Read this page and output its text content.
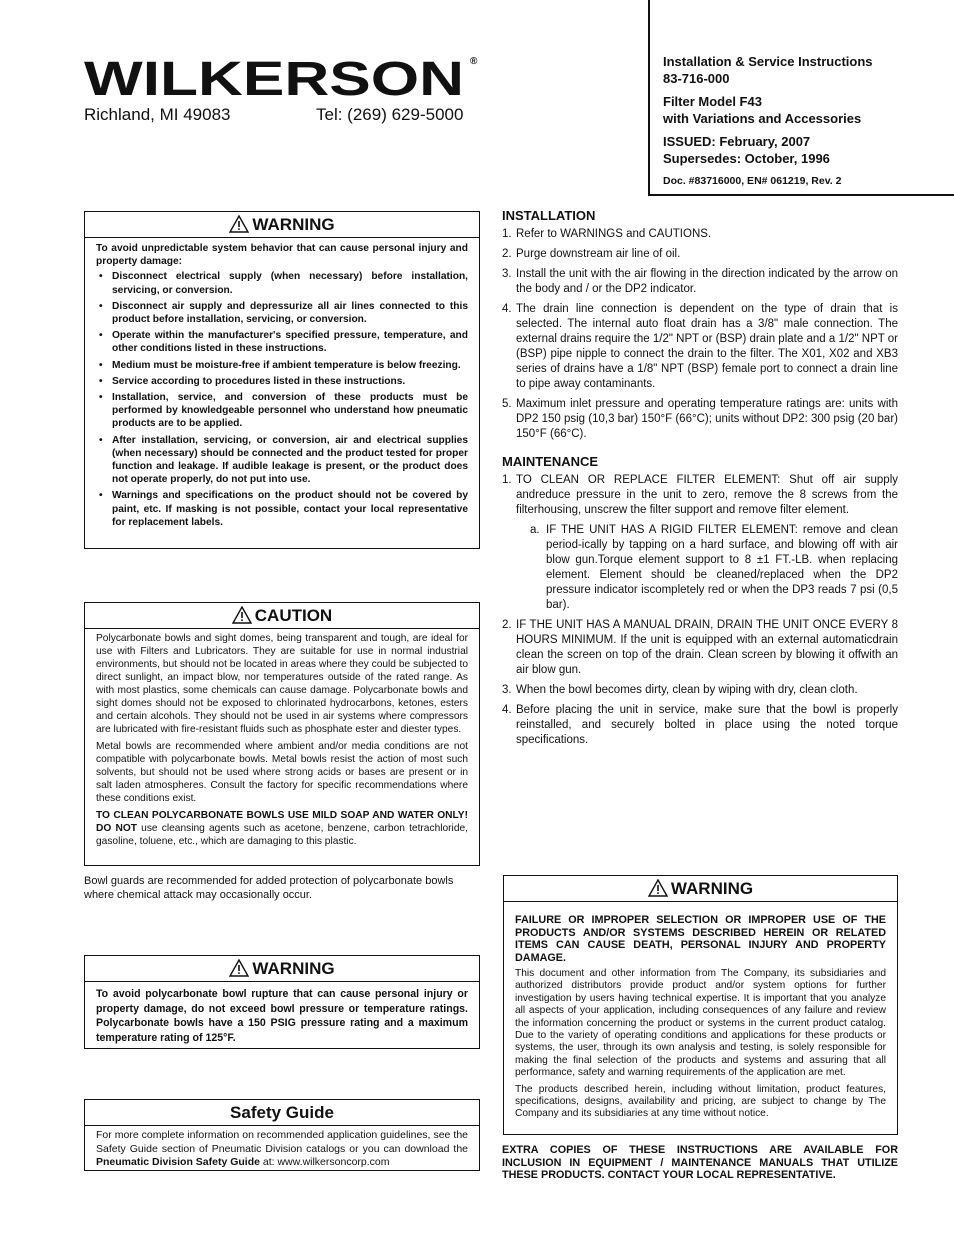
WILKERSON ®
Richland, MI 49083	Tel: (269) 629-5000

Installation & Service Instructions

83-716-000

Filter Model F43

with Variations and Accessories

ISSUED: February, 2007

Supersedes: October, 1996

Doc. #83716000, EN# 061219, Rev. 2

WARNING

To avoid unpredictable system behavior that can cause personal injury and property damage:

• Disconnect electrical supply (when necessary) before installation, servicing, or conversion.
• Disconnect air supply and depressurize all air lines connected to this product before installation, servicing, or conversion.
• Operate within the manufacturer's specified pressure, temperature, and other conditions listed in these instructions.
• Medium must be moisture-free if ambient temperature is below freezing.
• Service according to procedures listed in these instructions.
• Installation, service, and conversion of these products must be performed by knowledgeable personnel who understand how pneumatic products are to be applied.
• After installation, servicing, or conversion, air and electrical supplies (when necessary) should be connected and the product tested for proper function and leakage. If audible leakage is present, or the product does not operate properly, do not put into use.
• Warnings and specifications on the product should not be covered by paint, etc. If masking is not possible, contact your local representative for replacement labels.
CAUTION

Polycarbonate bowls and sight domes, being transparent and tough, are ideal for use with Filters and Lubricators. They are suitable for use in normal industrial environments, but should not be located in areas where they could be subjected to direct sunlight, an impact blow, nor temperatures outside of the rated range. As with most plastics, some chemicals can cause damage. Polycarbonate bowls and sight domes should not be exposed to chlorinated hydrocarbons, ketones, esters and certain alcohols. They should not be used in air systems where compressors are lubricated with fire-resistant fluids such as phosphate ester and diester types.

Metal bowls are recommended where ambient and/or media conditions are not compatible with polycarbonate bowls. Metal bowls resist the action of most such solvents, but should not be used where strong acids or bases are present or in salt laden atmospheres. Consult the factory for specific recommendations where these conditions exist.

TO CLEAN POLYCARBONATE BOWLS USE MILD SOAP AND WATER ONLY! DO NOT use cleansing agents such as acetone, benzene, carbon tetrachloride, gasoline, toluene, etc., which are damaging to this plastic.

Bowl guards are recommended for added protection of polycarbonate bowls where chemical attack may occasionally occur.
WARNING

To avoid polycarbonate bowl rupture that can cause personal injury or property damage, do not exceed bowl pressure or temperature ratings. Polycarbonate bowls have a 150 PSIG pressure rating and a maximum temperature rating of 125°F.

Safety Guide

For more complete information on recommended application guidelines, see the Safety Guide section of Pneumatic Division catalogs or you can download the Pneumatic Division Safety Guide at: www.wilkersoncorp.com

INSTALLATION
1. Refer to WARNINGS and CAUTIONS.
2. Purge downstream air line of oil.
3. Install the unit with the air flowing in the direction indicated by the arrow on the body and / or the DP2 indicator.
4. The drain line connection is dependent on the type of drain that is selected. The internal auto float drain has a 3/8" male connection. The external drains require the 1/2" NPT or (BSP) drain plate and a 1/2" NPT or (BSP) pipe nipple to connect the drain to the filter. The X01, X02 and XB3 series of drains have a 1/8" NPT (BSP) female port to connect a drain line to pipe away contaminants.
5. Maximum inlet pressure and operating temperature ratings are: units with DP2 150 psig (10,3 bar) 150°F (66°C); units without DP2: 300 psig (20 bar) 150°F (66°C).
MAINTENANCE
1. TO CLEAN OR REPLACE FILTER ELEMENT: Shut off air supply andreduce pressure in the unit to zero, remove the 8 screws from the filterhousing, unscrew the filter support and remove filter element.
a. IF THE UNIT HAS A RIGID FILTER ELEMENT: remove and clean period-ically by tapping on a hard surface, and blowing off with air blow gun.Torque element support to 8 ±1 FT.-LB. when replacing element. Element should be cleaned/replaced when the DP2 pressure indicator iscompletely red or when the DP3 reads 7 psi (0,5 bar).
2. IF THE UNIT HAS A MANUAL DRAIN, DRAIN THE UNIT ONCE EVERY 8 HOURS MINIMUM. If the unit is equipped with an external automaticdrain clean the screen on top of the drain. Clean screen by blowing it offwith an air blow gun.
3. When the bowl becomes dirty, clean by wiping with dry, clean cloth.
4. Before placing the unit in service, make sure that the bowl is properly reinstalled, and securely bolted in place using the noted torque specifications.
WARNING

FAILURE OR IMPROPER SELECTION OR IMPROPER USE OF THE PRODUCTS AND/OR SYSTEMS DESCRIBED HEREIN OR RELATED ITEMS CAN CAUSE DEATH, PERSONAL INJURY AND PROPERTY DAMAGE.

This document and other information from The Company, its subsidiaries and authorized distributors provide product and/or system options for further investigation by users having technical expertise. It is important that you analyze all aspects of your application, including consequences of any failure and review the information concerning the product or systems in the current product catalog. Due to the variety of operating conditions and applications for these products or systems, the user, through its own analysis and testing, is solely responsible for making the final selection of the products and systems and assuring that all performance, safety and warning requirements of the application are met.

The products described herein, including without limitation, product features, specifications, designs, availability and pricing, are subject to change by The Company and its subsidiaries at any time without notice.

EXTRA COPIES OF THESE INSTRUCTIONS ARE AVAILABLE FOR INCLUSION IN EQUIPMENT / MAINTENANCE MANUALS THAT UTILIZE THESE PRODUCTS. CONTACT YOUR LOCAL REPRESENTATIVE.
